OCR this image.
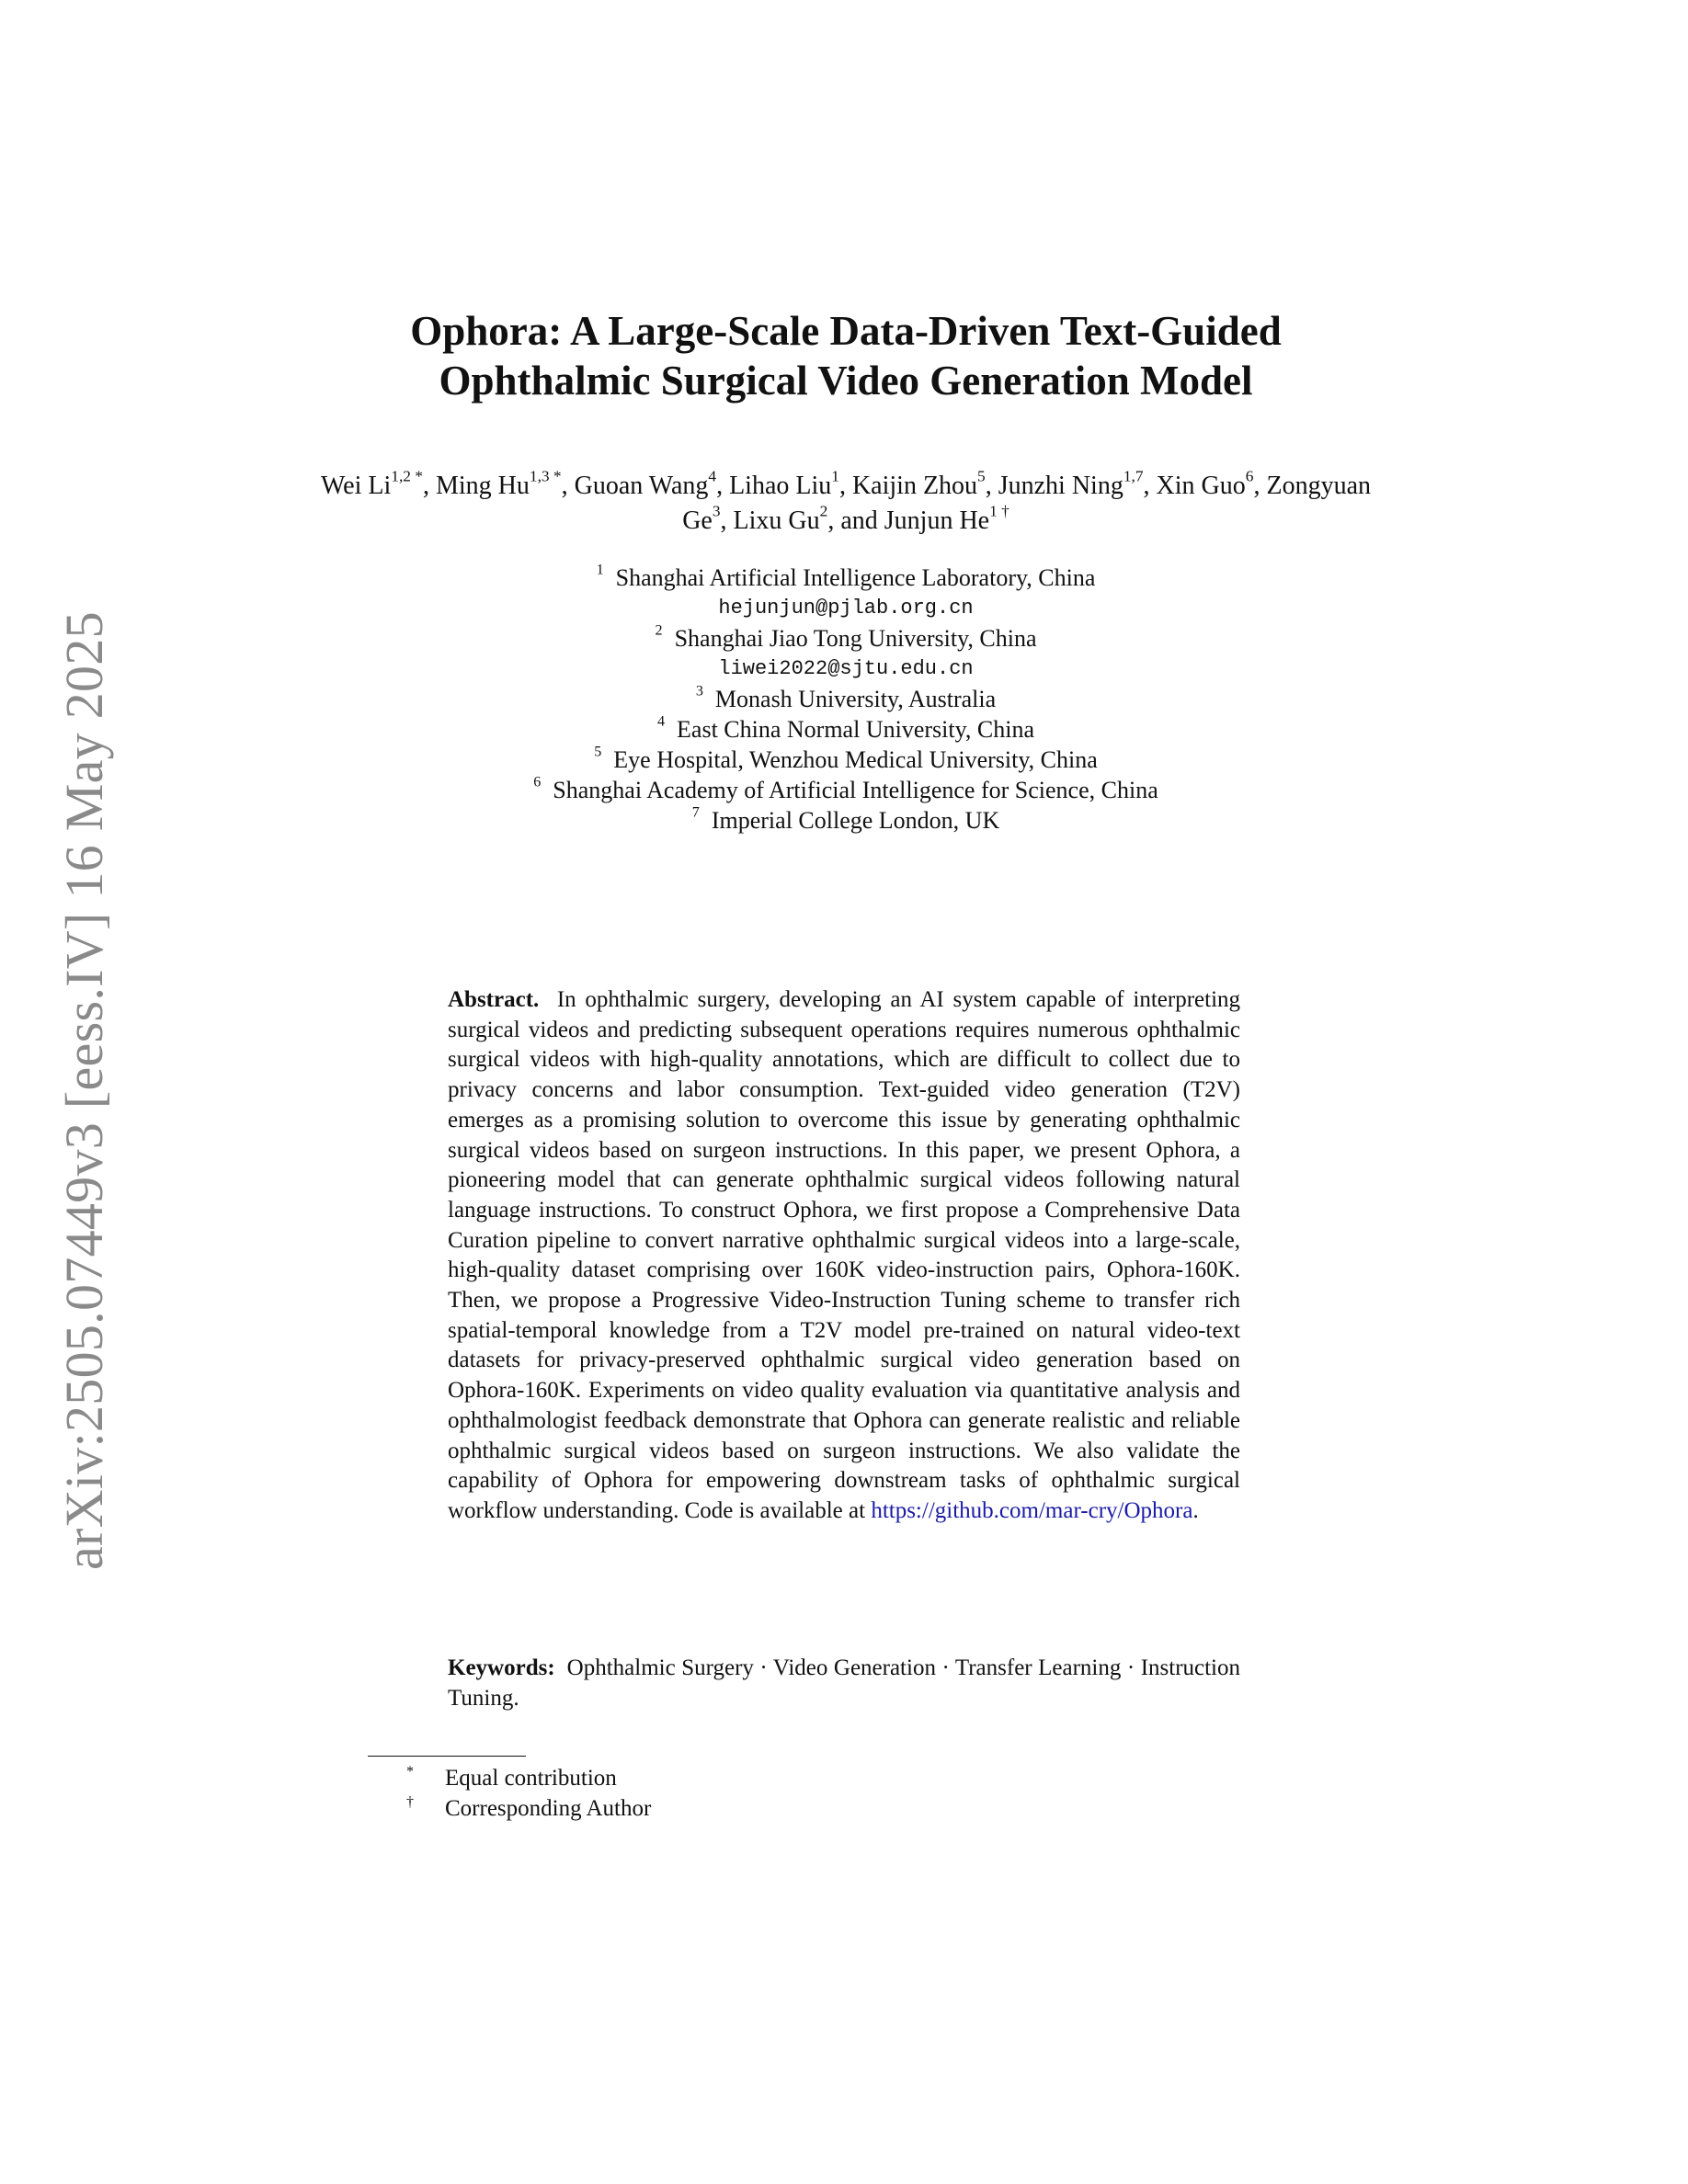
arXiv:2505.07449v3 [eess.IV] 16 May 2025
Ophora: A Large-Scale Data-Driven Text-Guided
Ophthalmic Surgical Video Generation Model
Wei $Li^{1,2 *}$, Ming $Hu^{1,3 *}$, Guoan Wang$^4$, Lihao Liu$^1$, Kaijin Zhou$^5$, Junzhi Ning$^{1,7}$, Xin Guo$^6$, Zongyuan Ge$^3$, Lixu Gu$^2$, and Junjun $He^{1 \dagger}$
$^1$ Shanghai Artificial Intelligence Laboratory, China
hejunjun@pjlab.org.cn
$^2$ Shanghai Jiao Tong University, China
liwei2022@sjtu.edu.cn
$^3$ Monash University, Australia
$^4$ East China Normal University, China
$^5$ Eye Hospital, Wenzhou Medical University, China
$^6$ Shanghai Academy of Artificial Intelligence for Science, China
$^7$ Imperial College London, UK

Abstract. In ophthalmic surgery, developing an AI system capable of interpreting surgical videos and predicting subsequent operations requires numerous ophthalmic surgical videos with high-quality annotations, which are difficult to collect due to privacy concerns and labor consumption. Text-guided video generation (T2V) emerges as a promising solution to overcome this issue by generating ophthalmic surgical videos based on surgeon instructions. In this paper, we present Ophora, a pioneering model that can generate ophthalmic surgical videos following natural language instructions. To construct Ophora, we first propose a Comprehensive Data Curation pipeline to convert narrative ophthalmic surgical videos into a large-scale, high-quality dataset comprising over 160K video-instruction pairs, Ophora-160K. Then, we propose a Progressive Video-Instruction Tuning scheme to transfer rich spatial-temporal knowledge from a T2V model pre-trained on natural video-text datasets for privacy-preserved ophthalmic surgical video generation based on Ophora-160K. Experiments on video quality evaluation via quantitative analysis and ophthalmologist feedback demonstrate that Ophora can generate realistic and reliable ophthalmic surgical videos based on surgeon instructions. We also validate the capability of Ophora for empowering downstream tasks of ophthalmic surgical workflow understanding. Code is available at https://github.com/mar-cry/Ophora.

Keywords: Ophthalmic Surgery · Video Generation · Transfer Learning · Instruction Tuning.

* Equal contribution
† Corresponding Author
